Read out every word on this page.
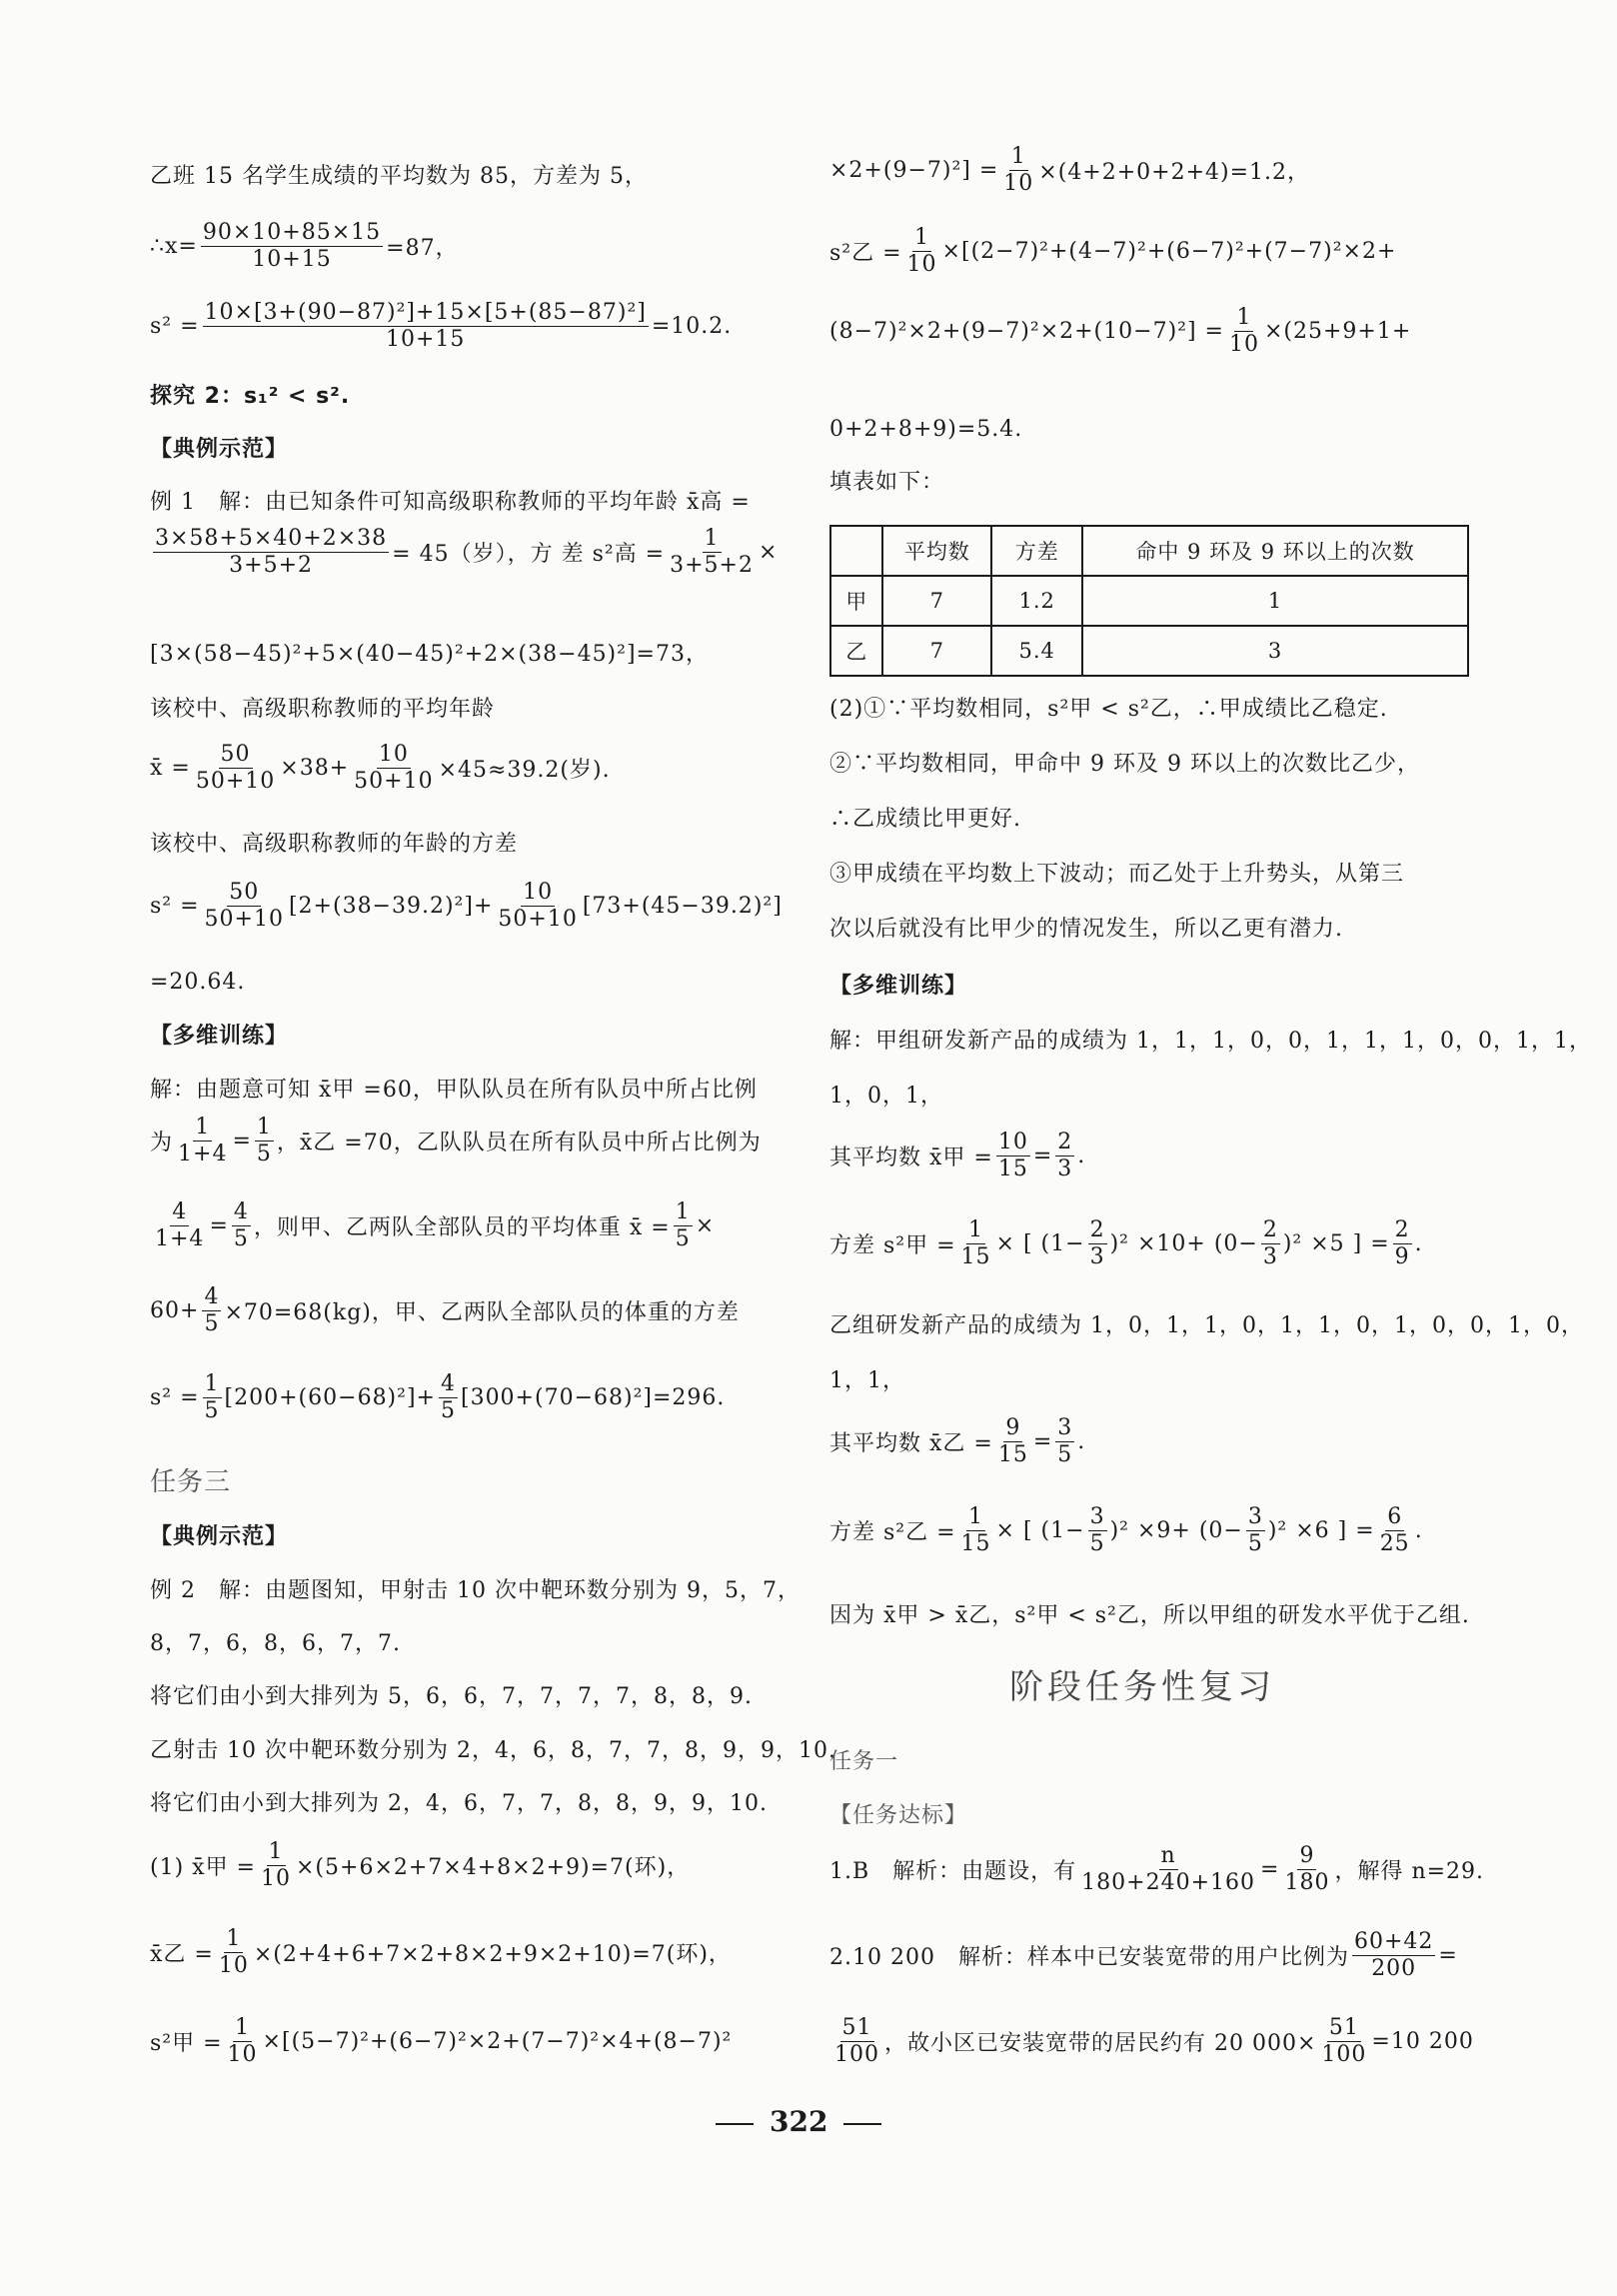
乙班 15 名学生成绩的平均数为 85，方差为 5，
∴ $x = \frac{90\times 10+85\times 15}{10+15} =87$，
$s^2 = \frac{\text{10×[3+(90−87)²]+15×[5+(85−87)²]}}{10+15} =10.2$.
探究 2：s₁² < s².
【典例示范】
例 1　解：由已知条件可知高级职称教师的平均年龄 x̄高 =
$\frac{3\times 58+5\times 40+2\times 38}{3+5+2} = 45$（岁），方 差 s²高 = $\frac{1}{3+5+2}$ ×
[3×(58−45)²+5×(40−45)²+2×(38−45)²]=73，
该校中、高级职称教师的平均年龄
x̄ = $\frac{50}{50+10} \times 38+ \frac{10}{50+10} \times 45\approx 39.2$(岁).
该校中、高级职称教师的年龄的方差
$s^2 = \frac{50}{50+10} [2+(38-39.2)^2]+ \frac{10}{50+10} [73+(45-39.2)^2]$
=20.64.
【多维训练】
解：由题意可知 x̄甲 =60，甲队队员在所有队员中所占比例
为 $\frac{1}{1+4} = \frac{1}{5}$ ，x̄乙 =70，乙队队员在所有队员中所占比例为
$\frac{4}{1+4} = \frac{4}{5}$ ，则甲、乙两队全部队员的平均体重 x̄ = $\frac{1}{5}$ ×
$60+ \frac{4}{5} \times 70=68(kg)$，甲、乙两队全部队员的体重的方差
$s^2 = \frac{1}{5} [200+(60-68)^2]+ \frac{4}{5} [300+(70-68)^2]=296$.
任务三
【典例示范】
例 2　解：由题图知，甲射击 10 次中靶环数分别为 9，5，7，
8，7，6，8，6，7，7.
将它们由小到大排列为 5，6，6，7，7，7，7，8，8，9.
乙射击 10 次中靶环数分别为 2，4，6，8，7，7，8，9，9，10.
将它们由小到大排列为 2，4，6，7，7，8，8，9，9，10.
(1) x̄甲 = $\frac{1}{10} \times(5+6\times 2+7\times 4+8\times 2+9)=7$(环)，
x̄乙 = $\frac{1}{10} \times(2+4+6+7\times 2+8\times 2+9\times 2+10)=7$(环)，
s²甲 = $\frac{1}{10} \times[(5-7)^2+(6-7)^2\times 2+(7-7)^2\times 4+(8-7)^2$
$\times 2+(9-7)^2] = \frac{1}{10} \times(4+2+0+2+4)=1.2$，
s²乙 = $\frac{1}{10} \times[(2-7)^2+(4-7)^2+(6-7)^2+(7-7)^2\times 2+$
$(8-7)^2\times 2+(9-7)^2\times 2+(10-7)^2] = \frac{1}{10} \times(25+9+1+$
0+2+8+9)=5.4.
填表如下：
	平均数	方差	命中 9 环及 9 环以上的次数
甲	7	1.2	1
乙	7	5.4	3
(2)①∵平均数相同，s²甲 < s²乙，∴甲成绩比乙稳定.
②∵平均数相同，甲命中 9 环及 9 环以上的次数比乙少，
∴乙成绩比甲更好.
③甲成绩在平均数上下波动；而乙处于上升势头，从第三
次以后就没有比甲少的情况发生，所以乙更有潜力.
【多维训练】
解：甲组研发新产品的成绩为 1，1，1，0，0，1，1，1，0，0，1，1，
1，0，1，
其平均数 x̄甲 = $\frac{10}{15} = \frac{2}{3}$ .
方差 s²甲 = $\frac{1}{15}$ × [ $(1- \frac{2}{3} )^2 \times 10+ (0- \frac{2}{3} )^2 \times 5$ ] = $\frac{2}{9}$ .
乙组研发新产品的成绩为 1，0，1，1，0，1，1，0，1，0，0，1，0，
1，1，
其平均数 x̄乙 = $\frac{9}{15} = \frac{3}{5}$ .
方差 s²乙 = $\frac{1}{15}$ × [ $(1- \frac{3}{5} )^2 \times 9+ (0- \frac{3}{5} )^2 \times 6$ ] = $\frac{6}{25}$ .
因为 x̄甲 > x̄乙，s²甲 < s²乙，所以甲组的研发水平优于乙组.
阶段任务性复习
任务一
【任务达标】
1.B　解析：由题设，有 $\frac{n}{180+240+160} = \frac{9}{180}$ ，解得 n=29.
2.10 200　解析：样本中已安装宽带的用户比例为 $\frac{60+42}{200}$ =
$\frac{51}{100}$ ，故小区已安装宽带的居民约有 20 $000\times \frac{51}{100} =10$ 200
322
